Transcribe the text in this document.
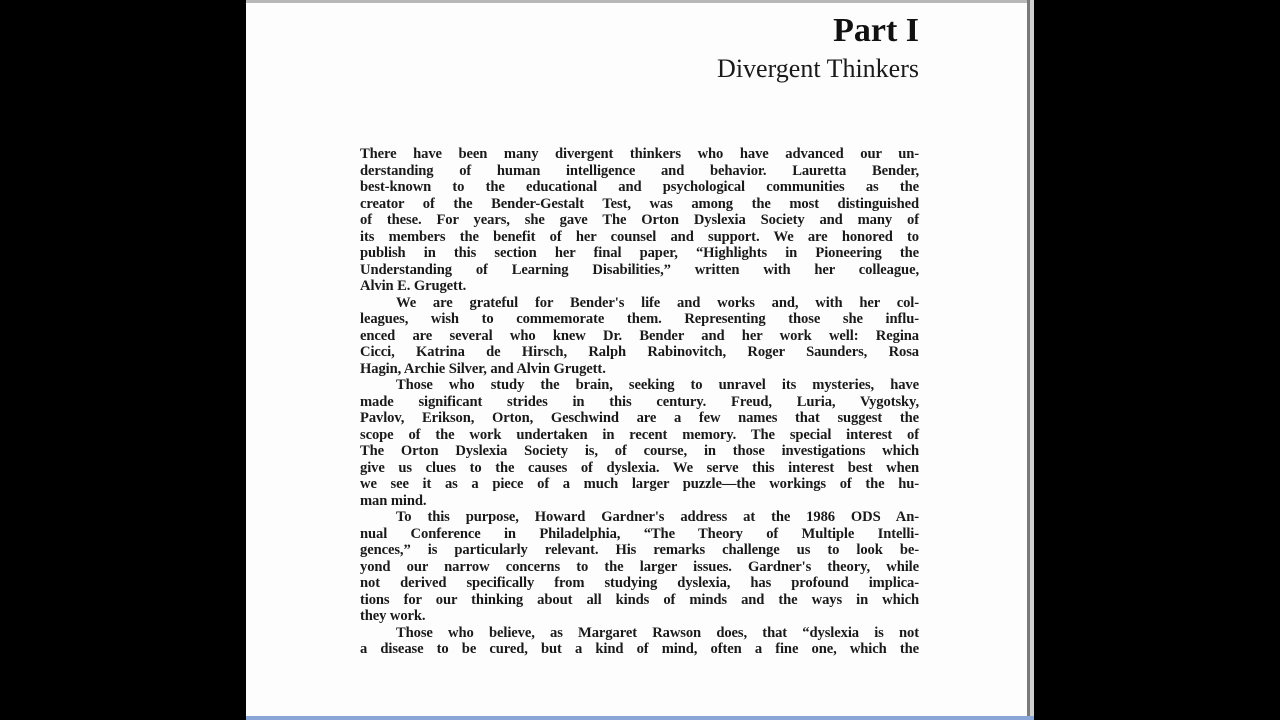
Part I
Divergent Thinkers
There have been many divergent thinkers who have advanced our un-
derstanding of human intelligence and behavior. Lauretta Bender,
best-known to the educational and psychological communities as the
creator of the Bender-Gestalt Test, was among the most distinguished
of these. For years, she gave The Orton Dyslexia Society and many of
its members the benefit of her counsel and support. We are honored to
publish in this section her final paper, “Highlights in Pioneering the
Understanding of Learning Disabilities,” written with her colleague,
Alvin E. Grugett.
We are grateful for Bender's life and works and, with her col-
leagues, wish to commemorate them. Representing those she influ-
enced are several who knew Dr. Bender and her work well: Regina
Cicci, Katrina de Hirsch, Ralph Rabinovitch, Roger Saunders, Rosa
Hagin, Archie Silver, and Alvin Grugett.
Those who study the brain, seeking to unravel its mysteries, have
made significant strides in this century. Freud, Luria, Vygotsky,
Pavlov, Erikson, Orton, Geschwind are a few names that suggest the
scope of the work undertaken in recent memory. The special interest of
The Orton Dyslexia Society is, of course, in those investigations which
give us clues to the causes of dyslexia. We serve this interest best when
we see it as a piece of a much larger puzzle—the workings of the hu-
man mind.
To this purpose, Howard Gardner's address at the 1986 ODS An-
nual Conference in Philadelphia, “The Theory of Multiple Intelli-
gences,” is particularly relevant. His remarks challenge us to look be-
yond our narrow concerns to the larger issues. Gardner's theory, while
not derived specifically from studying dyslexia, has profound implica-
tions for our thinking about all kinds of minds and the ways in which
they work.
Those who believe, as Margaret Rawson does, that “dyslexia is not
a disease to be cured, but a kind of mind, often a fine one, which the
